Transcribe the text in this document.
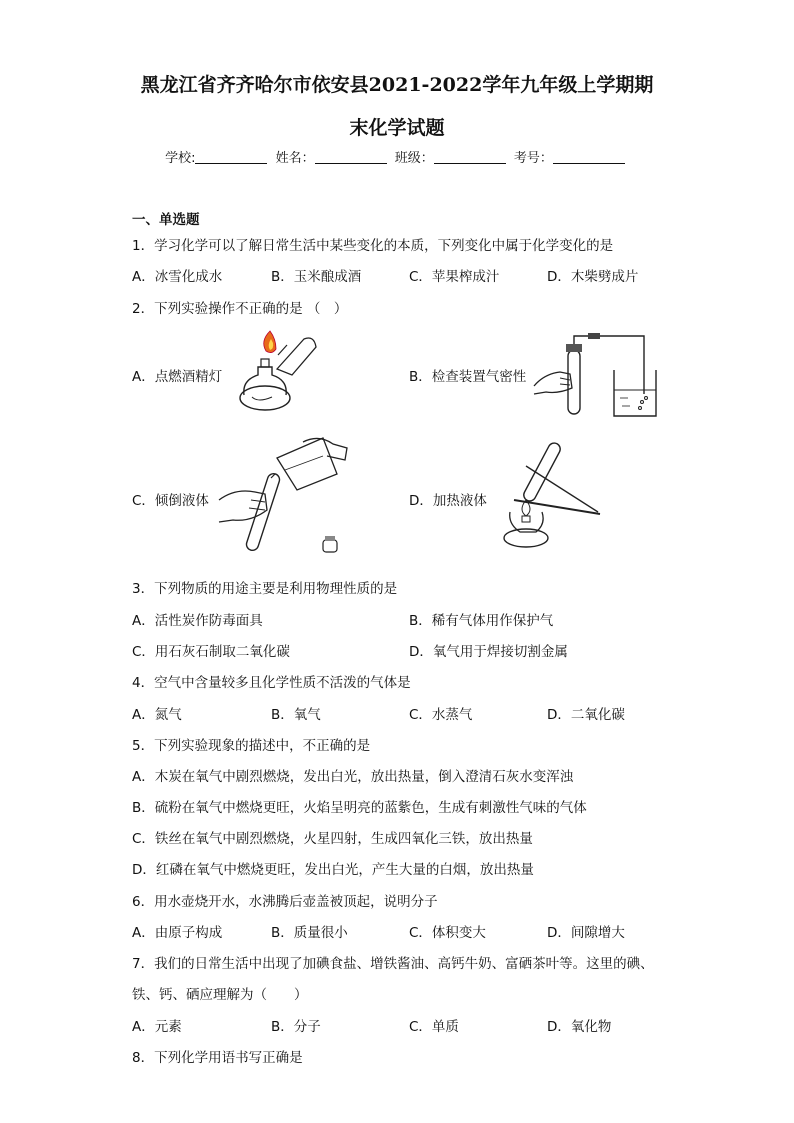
黑龙江省齐齐哈尔市依安县2021-2022学年九年级上学期期
末化学试题
学校:	姓名：	班级：	考号：
一、单选题
1．学习化学可以了解日常生活中某些变化的本质，下列变化中属于化学变化的是
A．冰雪化成水	B．玉米酿成酒	C．苹果榨成汁	D．木柴劈成片
2．下列实验操作不正确的是 （　）
A．点燃酒精灯	B．检查装置气密性
C．倾倒液体	D．加热液体
3．下列物质的用途主要是利用物理性质的是
A．活性炭作防毒面具	B．稀有气体用作保护气
C．用石灰石制取二氧化碳	D．氧气用于焊接切割金属
4．空气中含量较多且化学性质不活泼的气体是
A．氮气	B．氧气	C．水蒸气	D．二氧化碳
5．下列实验现象的描述中，不正确的是
A．木炭在氧气中剧烈燃烧，发出白光，放出热量，倒入澄清石灰水变浑浊
B．硫粉在氧气中燃烧更旺，火焰呈明亮的蓝紫色，生成有刺激性气味的气体
C．铁丝在氧气中剧烈燃烧，火星四射，生成四氧化三铁，放出热量
D．红磷在氧气中燃烧更旺，发出白光，产生大量的白烟，放出热量
6．用水壶烧开水，水沸腾后壶盖被顶起，说明分子
A．由原子构成	B．质量很小	C．体积变大	D．间隙增大
7．我们的日常生活中出现了加碘食盐、增铁酱油、高钙牛奶、富硒茶叶等。这里的碘、
铁、钙、硒应理解为（　　）
A．元素	B．分子	C．单质	D．氧化物
8．下列化学用语书写正确是
